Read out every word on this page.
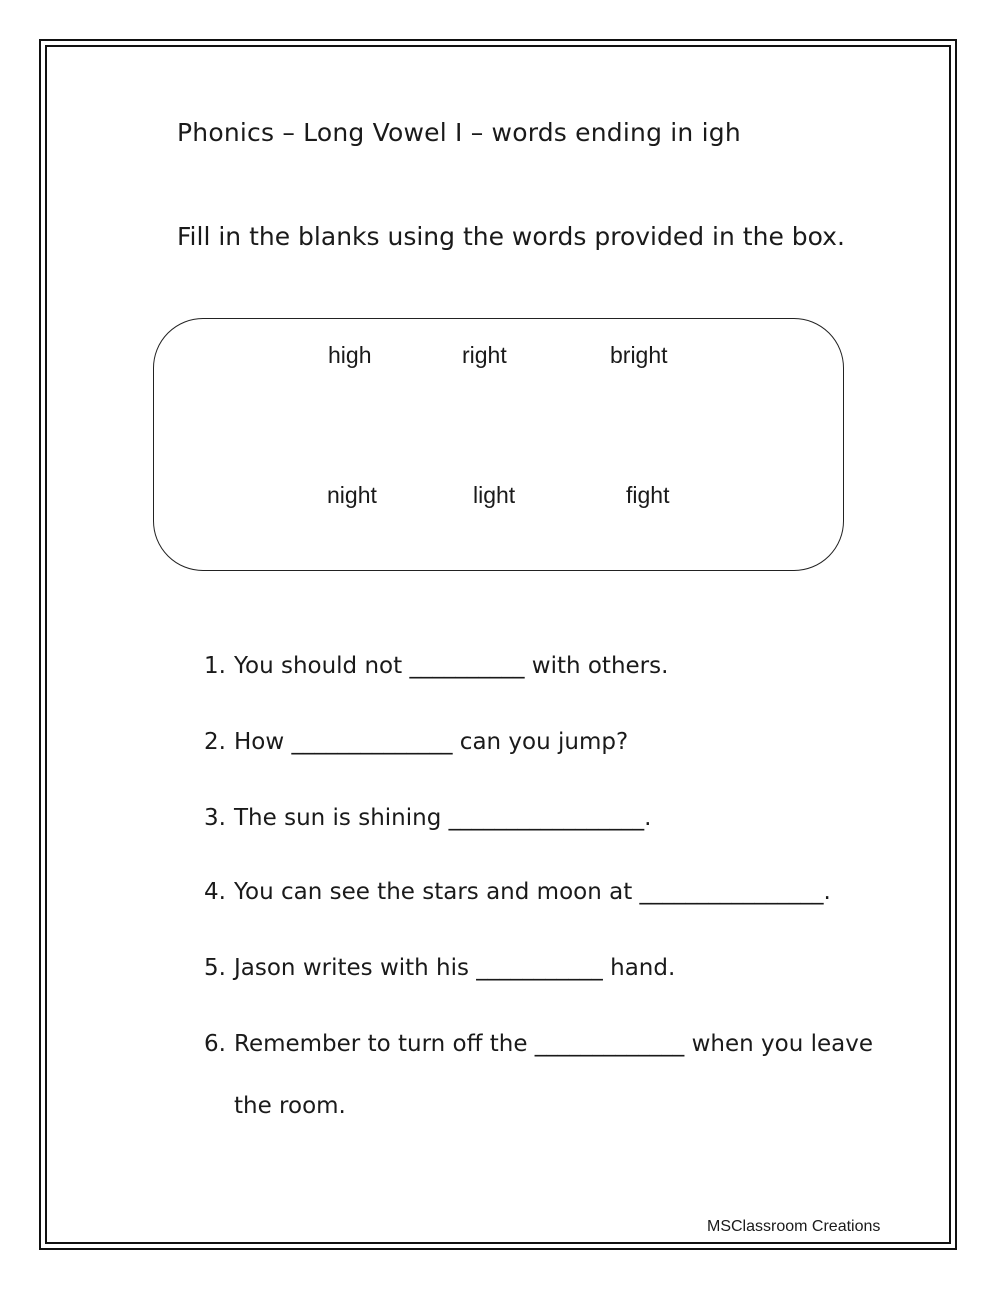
Phonics – Long Vowel I – words ending in igh
Fill in the blanks using the words provided in the box.
high	right	bright
night	light	fight
1. You should not __________ with others.
2. How ______________ can you jump?
3. The sun is shining _________________.
4. You can see the stars and moon at ________________.
5. Jason writes with his ___________ hand.
6. Remember to turn off the _____________ when you leave
the room.
MSClassroom Creations
